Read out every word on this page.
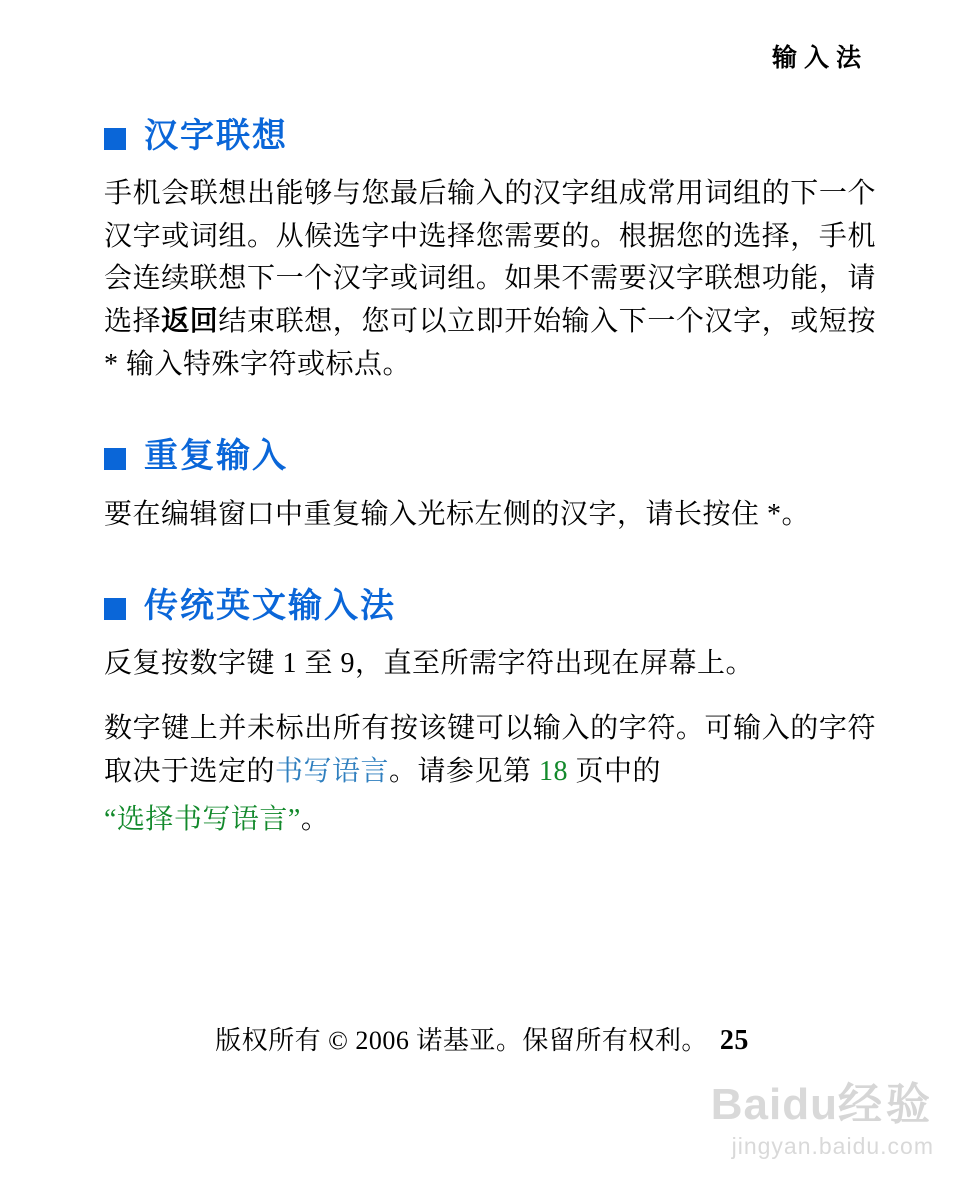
输入法
汉字联想

手机会联想出能够与您最后输入的汉字组成常用词组的下一个汉字或词组。从候选字中选择您需要的。根据您的选择，手机会连续联想下一个汉字或词组。如果不需要汉字联想功能，请选择返回结束联想，您可以立即开始输入下一个汉字，或短按 * 输入特殊字符或标点。

重复输入

要在编辑窗口中重复输入光标左侧的汉字，请长按住 *。

传统英文输入法

反复按数字键 1 至 9，直至所需字符出现在屏幕上。

数字键上并未标出所有按该键可以输入的字符。可输入的字符取决于选定的书写语言。请参见第 18 页中的

“选择书写语言”。

版权所有 © 2006 诺基亚。保留所有权利。 25
Baidu经验
jingyan.baidu.com
